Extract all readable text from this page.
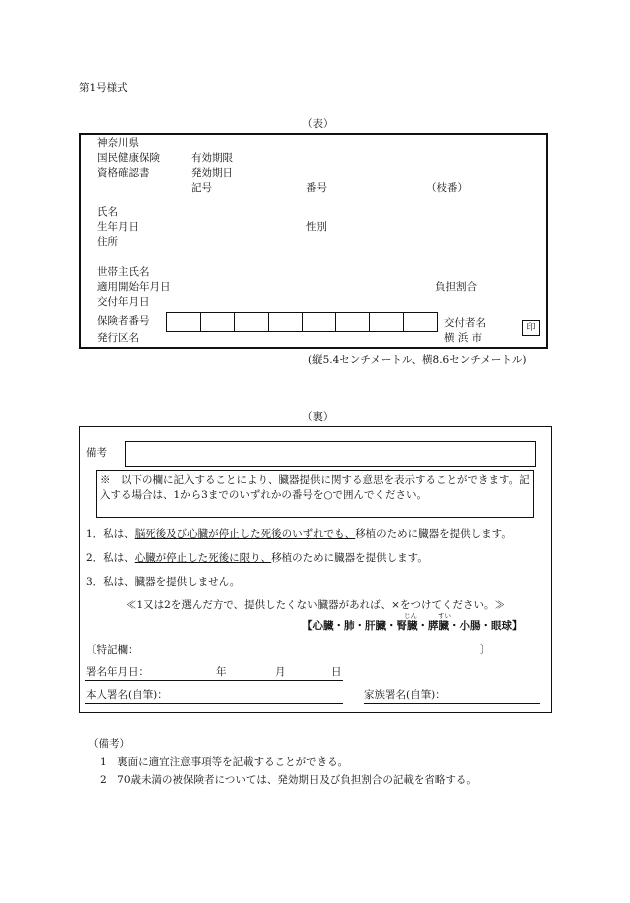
第1号様式
（表）
神奈川県
国民健康保険
資格確認書
有効期限
発効期日
記号	番号	（枝番）
氏名
生年月日	性別
住所
世帯主氏名
適用開始年月日	負担割合
交付年月日
保険者番号	交付者名
発行区名	横 浜 市
印
(縦5.4センチメートル、横8.6センチメートル)
（裏）
備考
※　以下の欄に記入することにより、臓器提供に関する意思を表示することができます。記入する場合は、1から3までのいずれかの番号を○で囲んでください。
1．私は、脳死後及び心臓が停止した死後のいずれでも、移植のために臓器を提供します。
2．私は、心臓が停止した死後に限り、移植のために臓器を提供します。
3．私は、臓器を提供しません。
≪1又は2を選んだ方で、提供したくない臓器があれば、×をつけてください。≫
じん	すい
【心臓・肺・肝臓・腎臓・膵臓・小腸・眼球】
〔特記欄：	〕
署名年月日：	年	月	日
本人署名(自筆)：	家族署名(自筆)：
（備考）
1　裏面に適宜注意事項等を記載することができる。
2　70歳未満の被保険者については、発効期日及び負担割合の記載を省略する。
